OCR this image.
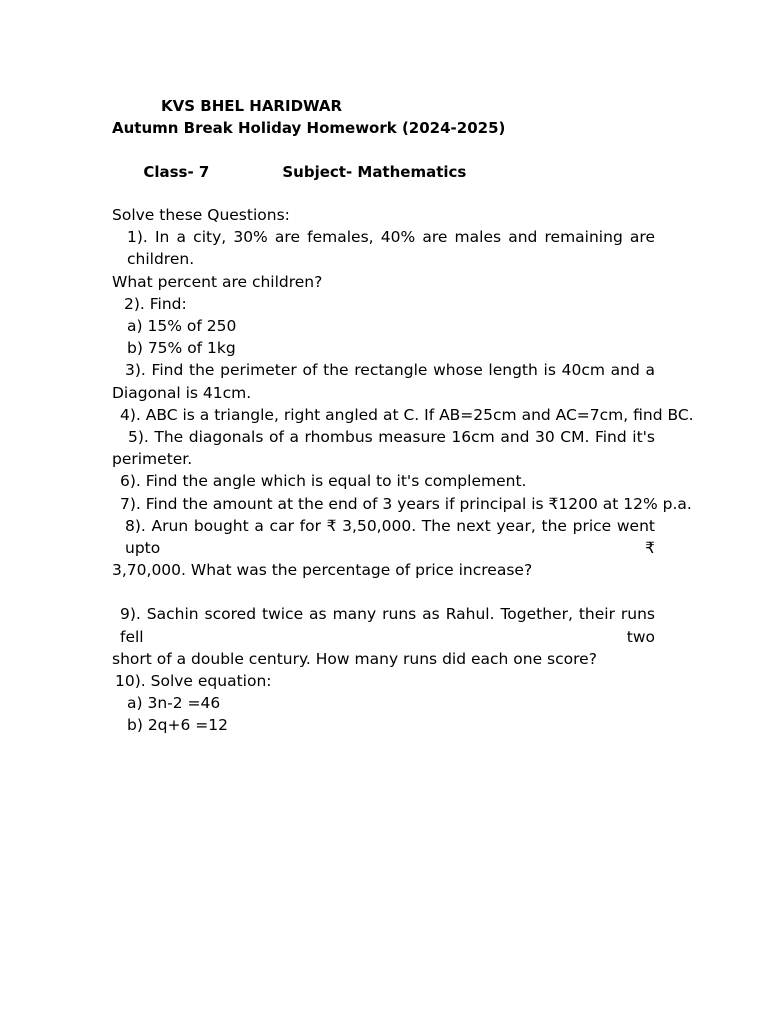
KVS BHEL HARIDWAR
Autumn Break Holiday Homework (2024-2025)

Class- 7	Subject- Mathematics

Solve these Questions:
1). In a city, 30% are females, 40% are males and remaining are children.
What percent are children?
2). Find:
a) 15% of 250
b) 75% of 1kg
3). Find the perimeter of the rectangle whose length is 40cm and a
Diagonal is 41cm.
4). ABC is a triangle, right angled at C. If AB=25cm and AC=7cm, find BC.
5). The diagonals of a rhombus measure 16cm and 30 CM. Find it's
perimeter.
6). Find the angle which is equal to it's complement.
7). Find the amount at the end of 3 years if principal is ₹1200 at 12% p.a.
8). Arun bought a car for ₹ 3,50,000. The next year, the price went upto ₹
3,70,000. What was the percentage of price increase?
9). Sachin scored twice as many runs as Rahul. Together, their runs fell two
short of a double century. How many runs did each one score?
10). Solve equation:
a) 3n-2 =46
b) 2q+6 =12
